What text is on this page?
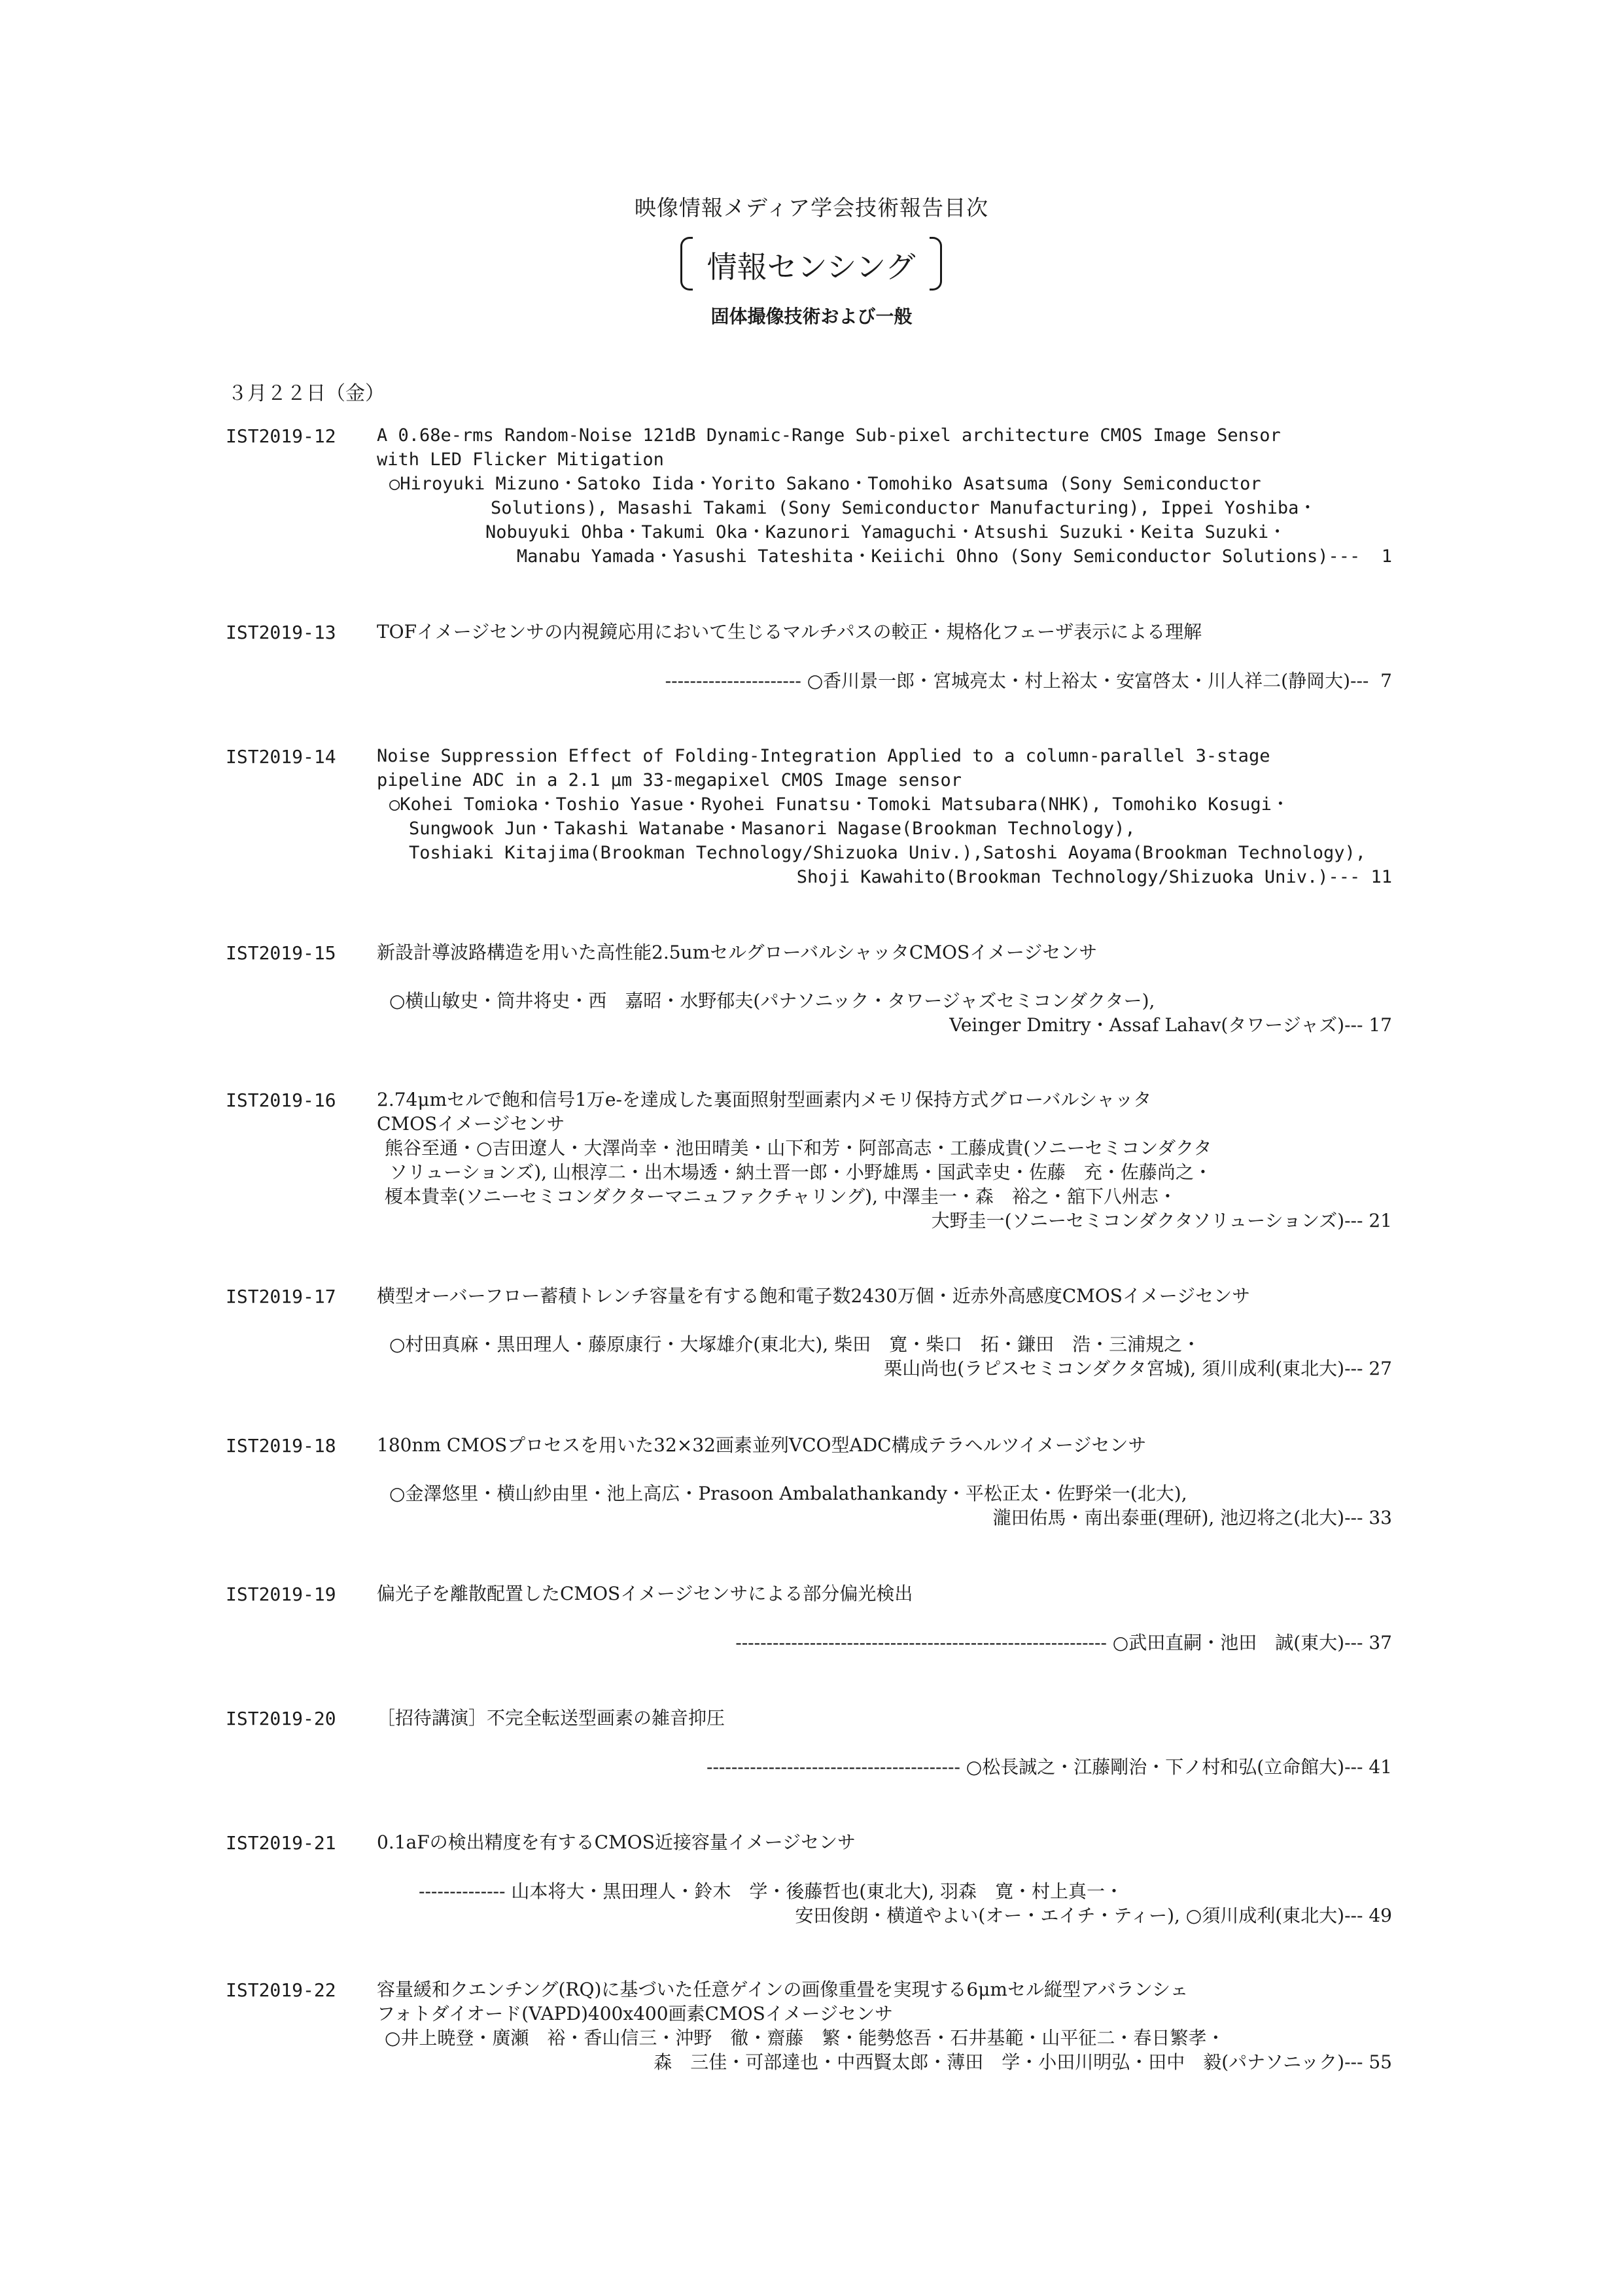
映像情報メディア学会技術報告目次
情報センシング
固体撮像技術および一般
３月２２日（金）
IST2019-12 A 0.68e-rms Random-Noise 121dB Dynamic-Range Sub-pixel architecture CMOS Image Sensor
with LED Flicker Mitigation
○Hiroyuki Mizuno・Satoko Iida・Yorito Sakano・Tomohiko Asatsuma (Sony Semiconductor
Solutions), Masashi Takami (Sony Semiconductor Manufacturing), Ippei Yoshiba・
Nobuyuki Ohba・Takumi Oka・Kazunori Yamaguchi・Atsushi Suzuki・Keita Suzuki・
Manabu Yamada・Yasushi Tateshita・Keiichi Ohno (Sony Semiconductor Solutions)---  1
IST2019-13 TOFイメージセンサの内視鏡応用において生じるマルチパスの較正・規格化フェーザ表示による理解
---------------------- ○香川景一郎・宮城亮太・村上裕太・安富啓太・川人祥二(静岡大)---  7
IST2019-14 Noise Suppression Effect of Folding-Integration Applied to a column-parallel 3-stage
pipeline ADC in a 2.1 μm 33-megapixel CMOS Image sensor
○Kohei Tomioka・Toshio Yasue・Ryohei Funatsu・Tomoki Matsubara(NHK), Tomohiko Kosugi・
Sungwook Jun・Takashi Watanabe・Masanori Nagase(Brookman Technology),
Toshiaki Kitajima(Brookman Technology/Shizuoka Univ.),Satoshi Aoyama(Brookman Technology),
Shoji Kawahito(Brookman Technology/Shizuoka Univ.)--- 11
IST2019-15 新設計導波路構造を用いた高性能2.5umセルグローバルシャッタCMOSイメージセンサ
○横山敏史・筒井将史・西　嘉昭・水野郁夫(パナソニック・タワージャズセミコンダクター),
Veinger Dmitry・Assaf Lahav(タワージャズ)--- 17
IST2019-16 2.74μmセルで飽和信号1万e-を達成した裏面照射型画素内メモリ保持方式グローバルシャッタ
CMOSイメージセンサ
熊谷至通・○吉田遼人・大澤尚幸・池田晴美・山下和芳・阿部高志・工藤成貴(ソニーセミコンダクタ
ソリューションズ), 山根淳二・出木場透・納土晋一郎・小野雄馬・国武幸史・佐藤　充・佐藤尚之・
榎本貴幸(ソニーセミコンダクターマニュファクチャリング), 中澤圭一・森　裕之・舘下八州志・
大野圭一(ソニーセミコンダクタソリューションズ)--- 21
IST2019-17 横型オーバーフロー蓄積トレンチ容量を有する飽和電子数2430万個・近赤外高感度CMOSイメージセンサ
○村田真麻・黒田理人・藤原康行・大塚雄介(東北大), 柴田　寛・柴口　拓・鎌田　浩・三浦規之・
栗山尚也(ラピスセミコンダクタ宮城), 須川成利(東北大)--- 27
IST2019-18 180nm CMOSプロセスを用いた32×32画素並列VCO型ADC構成テラヘルツイメージセンサ
○金澤悠里・横山紗由里・池上高広・Prasoon Ambalathankandy・平松正太・佐野栄一(北大),
瀧田佑馬・南出泰亜(理研), 池辺将之(北大)--- 33
IST2019-19 偏光子を離散配置したCMOSイメージセンサによる部分偏光検出
------------------------------------------------------------ ○武田直嗣・池田　誠(東大)--- 37
IST2019-20 ［招待講演］不完全転送型画素の雑音抑圧
----------------------------------------- ○松長誠之・江藤剛治・下ノ村和弘(立命館大)--- 41
IST2019-21 0.1aFの検出精度を有するCMOS近接容量イメージセンサ
-------------- 山本将大・黒田理人・鈴木　学・後藤哲也(東北大), 羽森　寛・村上真一・
安田俊朗・横道やよい(オー・エイチ・ティー), ○須川成利(東北大)--- 49
IST2019-22 容量緩和クエンチング(RQ)に基づいた任意ゲインの画像重畳を実現する6μmセル縦型アバランシェ
フォトダイオード(VAPD)400x400画素CMOSイメージセンサ
○井上暁登・廣瀬　裕・香山信三・沖野　徹・齋藤　繁・能勢悠吾・石井基範・山平征二・春日繁孝・
森　三佳・可部達也・中西賢太郎・薄田　学・小田川明弘・田中　毅(パナソニック)--- 55
